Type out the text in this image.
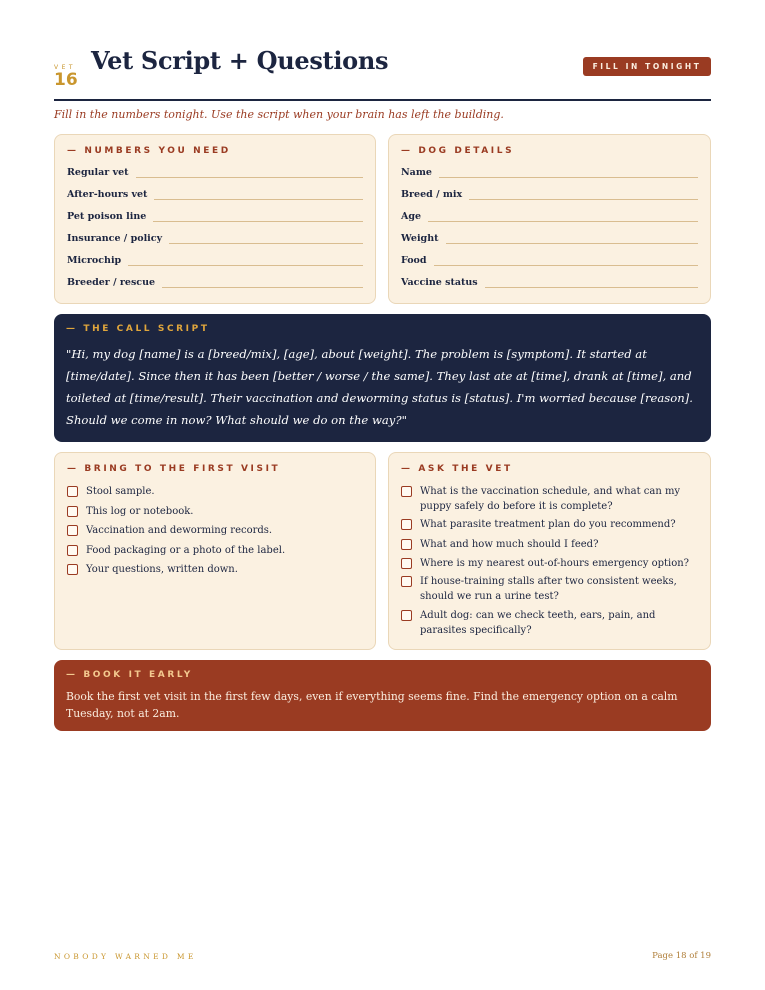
VET
16
Vet Script + Questions	FILL IN TONIGHT
Fill in the numbers tonight. Use the script when your brain has left the building.
— NUMBERS YOU NEED
Regular vet
After-hours vet
Pet poison line
Insurance / policy
Microchip
Breeder / rescue
— DOG DETAILS
Name
Breed / mix
Age
Weight
Food
Vaccine status
— THE CALL SCRIPT
"Hi, my dog [name] is a [breed/mix], [age], about [weight]. The problem is [symptom]. It started at [time/date]. Since then it has been [better / worse / the same]. They last ate at [time], drank at [time], and toileted at [time/result]. Their vaccination and deworming status is [status]. I'm worried because [reason]. Should we come in now? What should we do on the way?"
— BRING TO THE FIRST VISIT
Stool sample.
This log or notebook.
Vaccination and deworming records.
Food packaging or a photo of the label.
Your questions, written down.
— ASK THE VET
What is the vaccination schedule, and what can my puppy safely do before it is complete?
What parasite treatment plan do you recommend?
What and how much should I feed?
Where is my nearest out-of-hours emergency option?
If house-training stalls after two consistent weeks, should we run a urine test?
Adult dog: can we check teeth, ears, pain, and parasites specifically?
— BOOK IT EARLY
Book the first vet visit in the first few days, even if everything seems fine. Find the emergency option on a calm Tuesday, not at 2am.
NOBODY WARNED ME	Page 18 of 19
